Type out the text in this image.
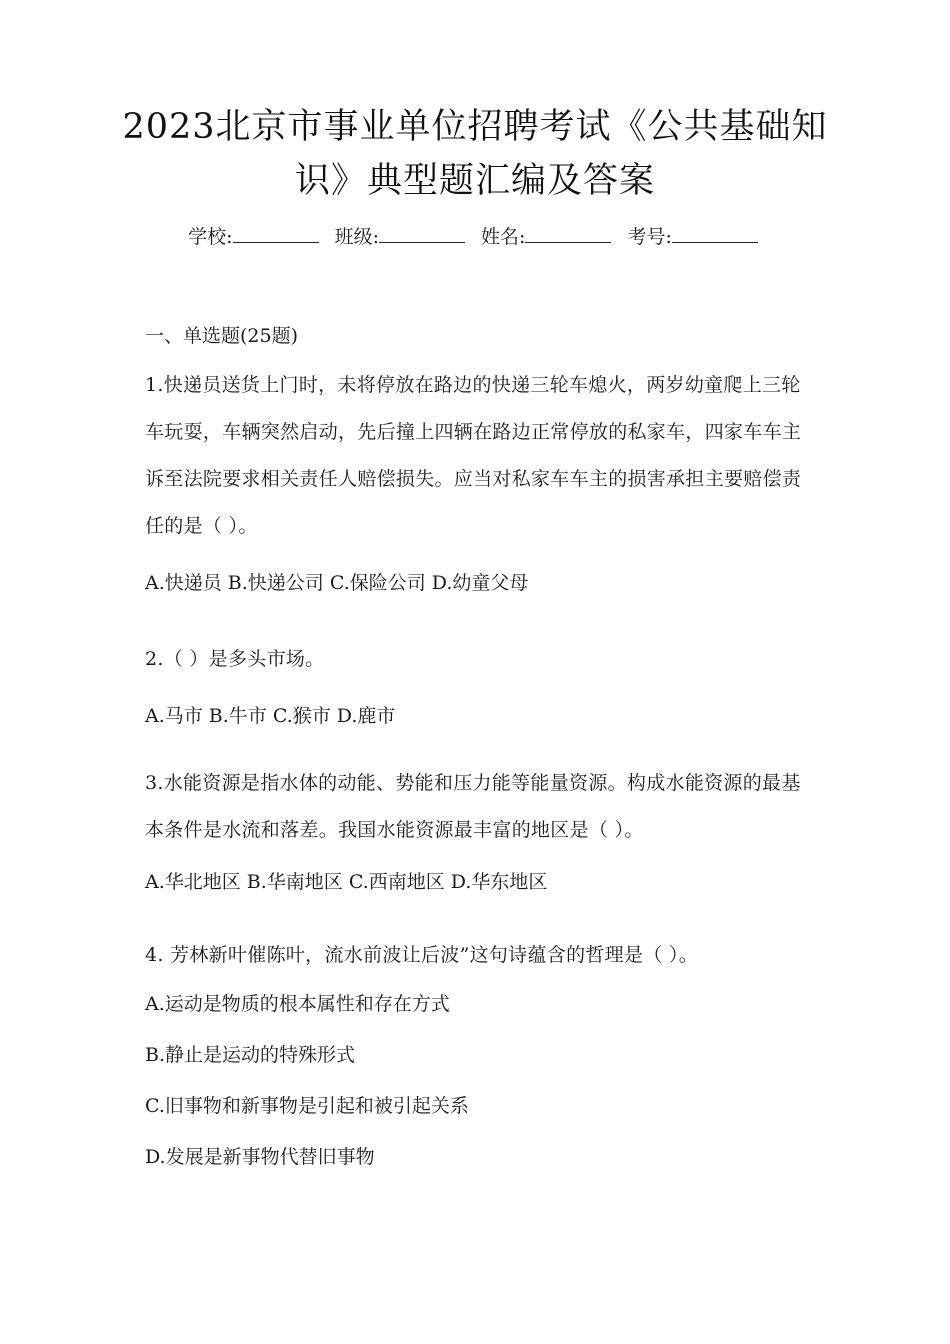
2023北京市事业单位招聘考试《公共基础知识》典型题汇编及答案
学校:	班级:	姓名:	考号:
一、单选题(25题)

1.快递员送货上门时，未将停放在路边的快递三轮车熄火，两岁幼童爬上三轮车玩耍，车辆突然启动，先后撞上四辆在路边正常停放的私家车，四家车车主诉至法院要求相关责任人赔偿损失。应当对私家车车主的损害承担主要赔偿责任的是（ ）。

A.快递员 B.快递公司 C.保险公司 D.幼童父母

2.（ ）是多头市场。

A.马市 B.牛市 C.猴市 D.鹿市

3.水能资源是指水体的动能、势能和压力能等能量资源。构成水能资源的最基本条件是水流和落差。我国水能资源最丰富的地区是（ ）。

A.华北地区 B.华南地区 C.西南地区 D.华东地区

4. 芳林新叶催陈叶，流水前波让后波”这句诗蕴含的哲理是（ ）。

A.运动是物质的根本属性和存在方式

B.静止是运动的特殊形式

C.旧事物和新事物是引起和被引起关系

D.发展是新事物代替旧事物
